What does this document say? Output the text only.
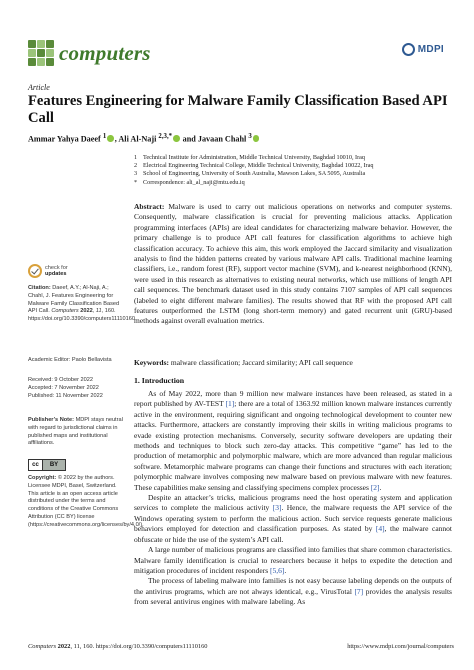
computers	MDPI
Article
Features Engineering for Malware Family Classification Based API Call
Ammar Yahya Daeef $^1$ , Ali Al-Naji $^{2,3,*}$ and Javaan Chahl $^3$
1 Technical Institute for Administration, Middle Technical University, Baghdad 10010, Iraq
2 Electrical Engineering Technical College, Middle Technical University, Baghdad 10022, Iraq
3 School of Engineering, University of South Australia, Mawson Lakes, SA 5095, Australia
* Correspondence: ali_al_naji@mtu.edu.iq
Abstract: Malware is used to carry out malicious operations on networks and computer systems. Consequently, malware classification is crucial for preventing malicious attacks. Application programming interfaces (APIs) are ideal candidates for characterizing malware behavior. However, the primary challenge is to produce API call features for classification algorithms to achieve high classification accuracy. To achieve this aim, this work employed the Jaccard similarity and visualization analysis to find the hidden patterns created by various malware API calls. Traditional machine learning classifiers, i.e., random forest (RF), support vector machine (SVM), and k-nearest neighborhood (KNN), were used in this research as alternatives to existing neural networks, which use millions of length API call sequences. The benchmark dataset used in this study contains 7107 samples of API call sequences (labeled to eight different malware families). The results showed that RF with the proposed API call features outperformed the LSTM (long short-term memory) and gated recurrent unit (GRU)-based methods against overall evaluation metrics.
Keywords: malware classification; Jaccard similarity; API call sequence
1. Introduction

As of May 2022, more than 9 million new malware instances have been released, as stated in a report published by AV-TEST [1]; there are a total of 1363.92 million known malware instances currently active in the environment, requiring significant and ongoing technological development to counter new attacks. Furthermore, attackers are constantly improving their skills in writing malicious programs to evade existing protection mechanisms. Conversely, security software developers are updating their methods and techniques to block such zero-day attacks. This competitive “game” has led to the production of metamorphic and polymorphic malware, which are more advanced than regular malicious software. Metamorphic malware programs can change their functions and structures with each iteration; polymorphic malware involves composing new malware based on previous malware with new features. These capabilities make sensing and classifying specimens complex processes [2].

Despite an attacker’s tricks, malicious programs need the host operating system and application services to complete the malicious activity [3]. Hence, the malware requests the API service of the Windows operating system to perform the malicious action. Such service requests generate malicious behaviors employed for detection and classification purposes. As stated by [4], the malware cannot obfuscate or hide the use of the system’s API call.

A large number of malicious programs are classified into families that share common characteristics. Malware family identification is crucial to researchers because it helps to expedite the detection and mitigation procedures of incident responders [5,6].

The process of labeling malware into families is not easy because labeling depends on the outputs of the antivirus programs, which are not always identical, e.g., VirusTotal [7] provides the analysis results from several antivirus engines with malware labeling. As

check for
updates
Citation: Daeef, A.Y.; Al-Naji, A.; Chahl, J. Features Engineering for Malware Family Classification Based API Call. Computers 2022, 11, 160. https://doi.org/10.3390/computers11110160
Academic Editor: Paolo Bellavista
Received: 9 October 2022
Accepted: 7 November 2022
Published: 11 November 2022
Publisher’s Note: MDPI stays neutral with regard to jurisdictional claims in published maps and institutional affiliations.
cc	BY
Copyright: © 2022 by the authors. Licensee MDPI, Basel, Switzerland. This article is an open access article distributed under the terms and conditions of the Creative Commons Attribution (CC BY) license (https://creativecommons.org/licenses/by/4.0/).
Computers 2022, 11, 160. https://doi.org/10.3390/computers11110160	https://www.mdpi.com/journal/computers
